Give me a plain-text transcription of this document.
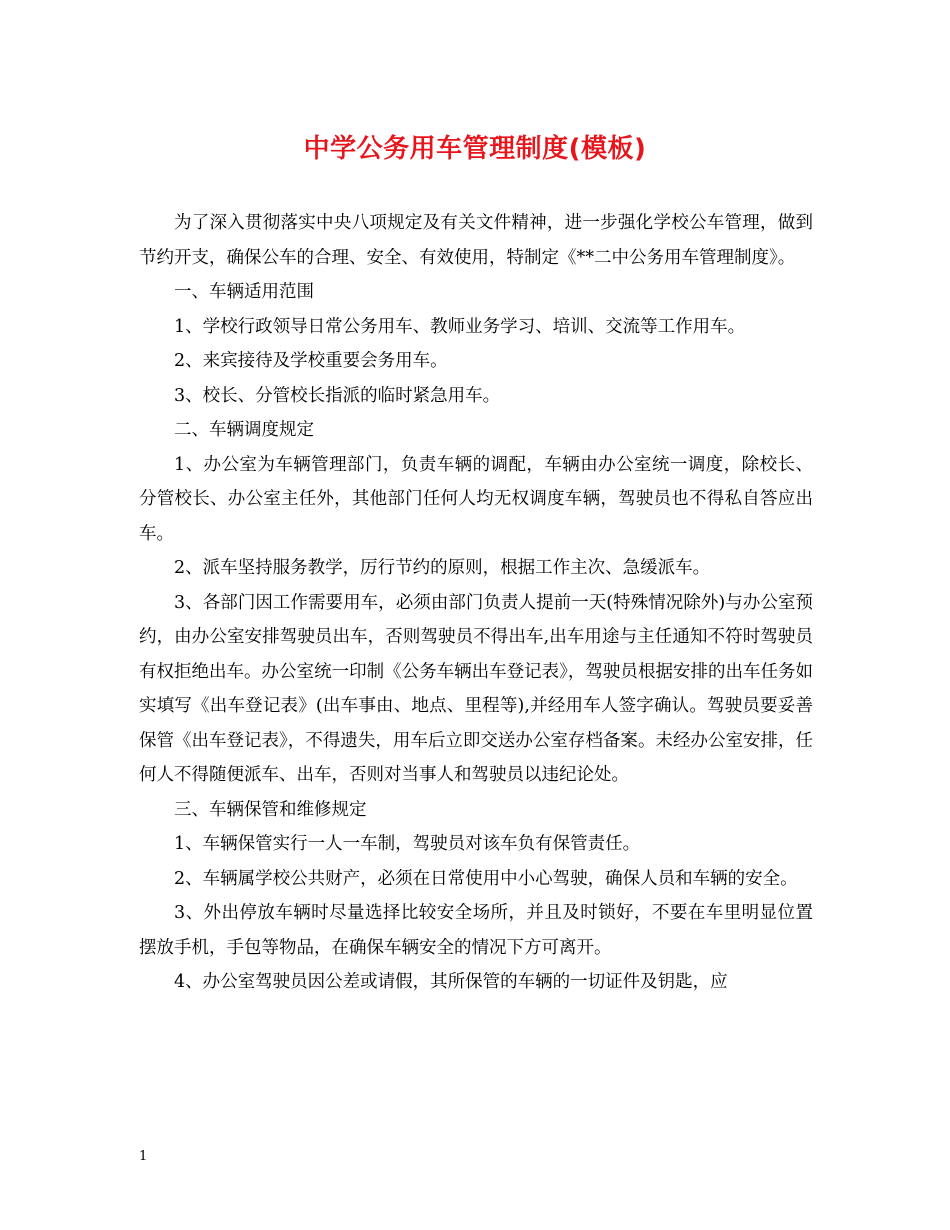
中学公务用车管理制度(模板)

为了深入贯彻落实中央八项规定及有关文件精神，进一步强化学校公车管理，做到节约开支，确保公车的合理、安全、有效使用，特制定《**二中公务用车管理制度》。

一、车辆适用范围

1、学校行政领导日常公务用车、教师业务学习、培训、交流等工作用车。

2、来宾接待及学校重要会务用车。

3、校长、分管校长指派的临时紧急用车。

二、车辆调度规定

1、办公室为车辆管理部门，负责车辆的调配，车辆由办公室统一调度，除校长、分管校长、办公室主任外，其他部门任何人均无权调度车辆，驾驶员也不得私自答应出车。

2、派车坚持服务教学，厉行节约的原则，根据工作主次、急缓派车。

3、各部门因工作需要用车，必须由部门负责人提前一天(特殊情况除外)与办公室预约，由办公室安排驾驶员出车，否则驾驶员不得出车,出车用途与主任通知不符时驾驶员有权拒绝出车。办公室统一印制《公务车辆出车登记表》，驾驶员根据安排的出车任务如实填写《出车登记表》(出车事由、地点、里程等),并经用车人签字确认。驾驶员要妥善保管《出车登记表》，不得遗失，用车后立即交送办公室存档备案。未经办公室安排，任何人不得随便派车、出车，否则对当事人和驾驶员以违纪论处。

三、车辆保管和维修规定

1、车辆保管实行一人一车制，驾驶员对该车负有保管责任。

2、车辆属学校公共财产，必须在日常使用中小心驾驶，确保人员和车辆的安全。

3、外出停放车辆时尽量选择比较安全场所，并且及时锁好，不要在车里明显位置摆放手机，手包等物品，在确保车辆安全的情况下方可离开。

4、办公室驾驶员因公差或请假，其所保管的车辆的一切证件及钥匙，应

1
